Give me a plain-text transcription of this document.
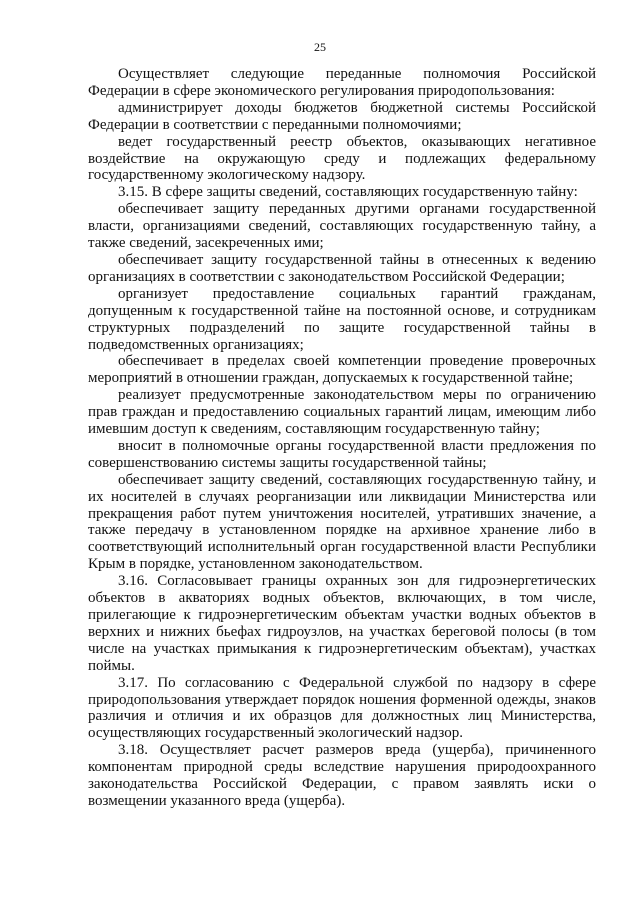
25

Осуществляет следующие переданные полномочия Российской Федерации в сфере экономического регулирования природопользования:

администрирует доходы бюджетов бюджетной системы Российской Федерации в соответствии с переданными полномочиями;

ведет государственный реестр объектов, оказывающих негативное воздействие на окружающую среду и подлежащих федеральному государственному экологическому надзору.

3.15. В сфере защиты сведений, составляющих государственную тайну:

обеспечивает защиту переданных другими органами государственной власти, организациями сведений, составляющих государственную тайну, а также сведений, засекреченных ими;

обеспечивает защиту государственной тайны в отнесенных к ведению организациях в соответствии с законодательством Российской Федерации;

организует предоставление социальных гарантий гражданам, допущенным к государственной тайне на постоянной основе, и сотрудникам структурных подразделений по защите государственной тайны в подведомственных организациях;

обеспечивает в пределах своей компетенции проведение проверочных мероприятий в отношении граждан, допускаемых к государственной тайне;

реализует предусмотренные законодательством меры по ограничению прав граждан и предоставлению социальных гарантий лицам, имеющим либо имевшим доступ к сведениям, составляющим государственную тайну;

вносит в полномочные органы государственной власти предложения по совершенствованию системы защиты государственной тайны;

обеспечивает защиту сведений, составляющих государственную тайну, и их носителей в случаях реорганизации или ликвидации Министерства или прекращения работ путем уничтожения носителей, утративших значение, а также передачу в установленном порядке на архивное хранение либо в соответствующий исполнительный орган государственной власти Республики Крым в порядке, установленном законодательством.

3.16. Согласовывает границы охранных зон для гидроэнергетических объектов в акваториях водных объектов, включающих, в том числе, прилегающие к гидроэнергетическим объектам участки водных объектов в верхних и нижних бьефах гидроузлов, на участках береговой полосы (в том числе на участках примыкания к гидроэнергетическим объектам), участках поймы.

3.17. По согласованию с Федеральной службой по надзору в сфере природопользования утверждает порядок ношения форменной одежды, знаков различия и отличия и их образцов для должностных лиц Министерства, осуществляющих государственный экологический надзор.

3.18. Осуществляет расчет размеров вреда (ущерба), причиненного компонентам природной среды вследствие нарушения природоохранного законодательства Российской Федерации, с правом заявлять иски о возмещении указанного вреда (ущерба).
